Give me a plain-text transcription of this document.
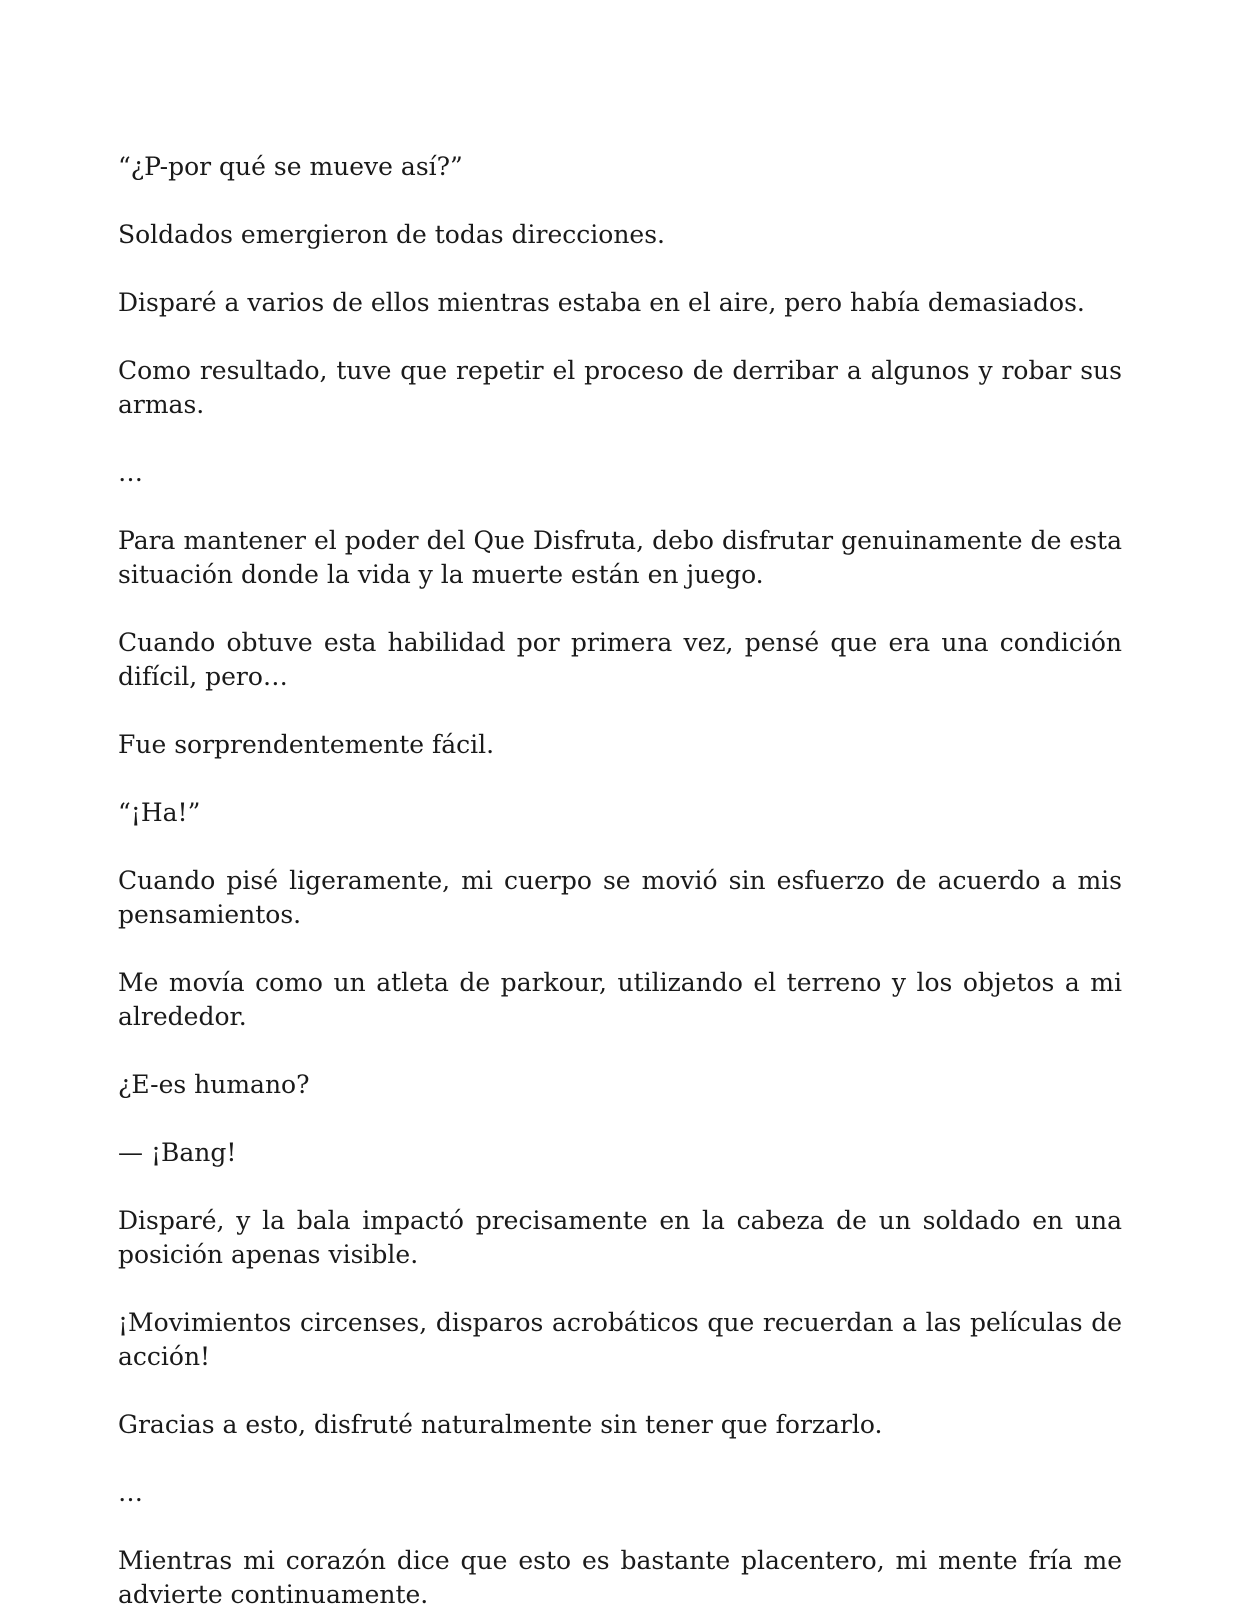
“¿P-por qué se mueve así?”

Soldados emergieron de todas direcciones.

Disparé a varios de ellos mientras estaba en el aire, pero había demasiados.

Como resultado, tuve que repetir el proceso de derribar a algunos y robar sus armas.

…

Para mantener el poder del Que Disfruta, debo disfrutar genuinamente de esta situación donde la vida y la muerte están en juego.

Cuando obtuve esta habilidad por primera vez, pensé que era una condición difícil, pero…

Fue sorprendentemente fácil.

“¡Ha!”

Cuando pisé ligeramente, mi cuerpo se movió sin esfuerzo de acuerdo a mis pensamientos.

Me movía como un atleta de parkour, utilizando el terreno y los objetos a mi alrededor.

¿E-es humano?

— ¡Bang!

Disparé, y la bala impactó precisamente en la cabeza de un soldado en una posición apenas visible.

¡Movimientos circenses, disparos acrobáticos que recuerdan a las películas de acción!

Gracias a esto, disfruté naturalmente sin tener que forzarlo.

…

Mientras mi corazón dice que esto es bastante placentero, mi mente fría me advierte continuamente.
